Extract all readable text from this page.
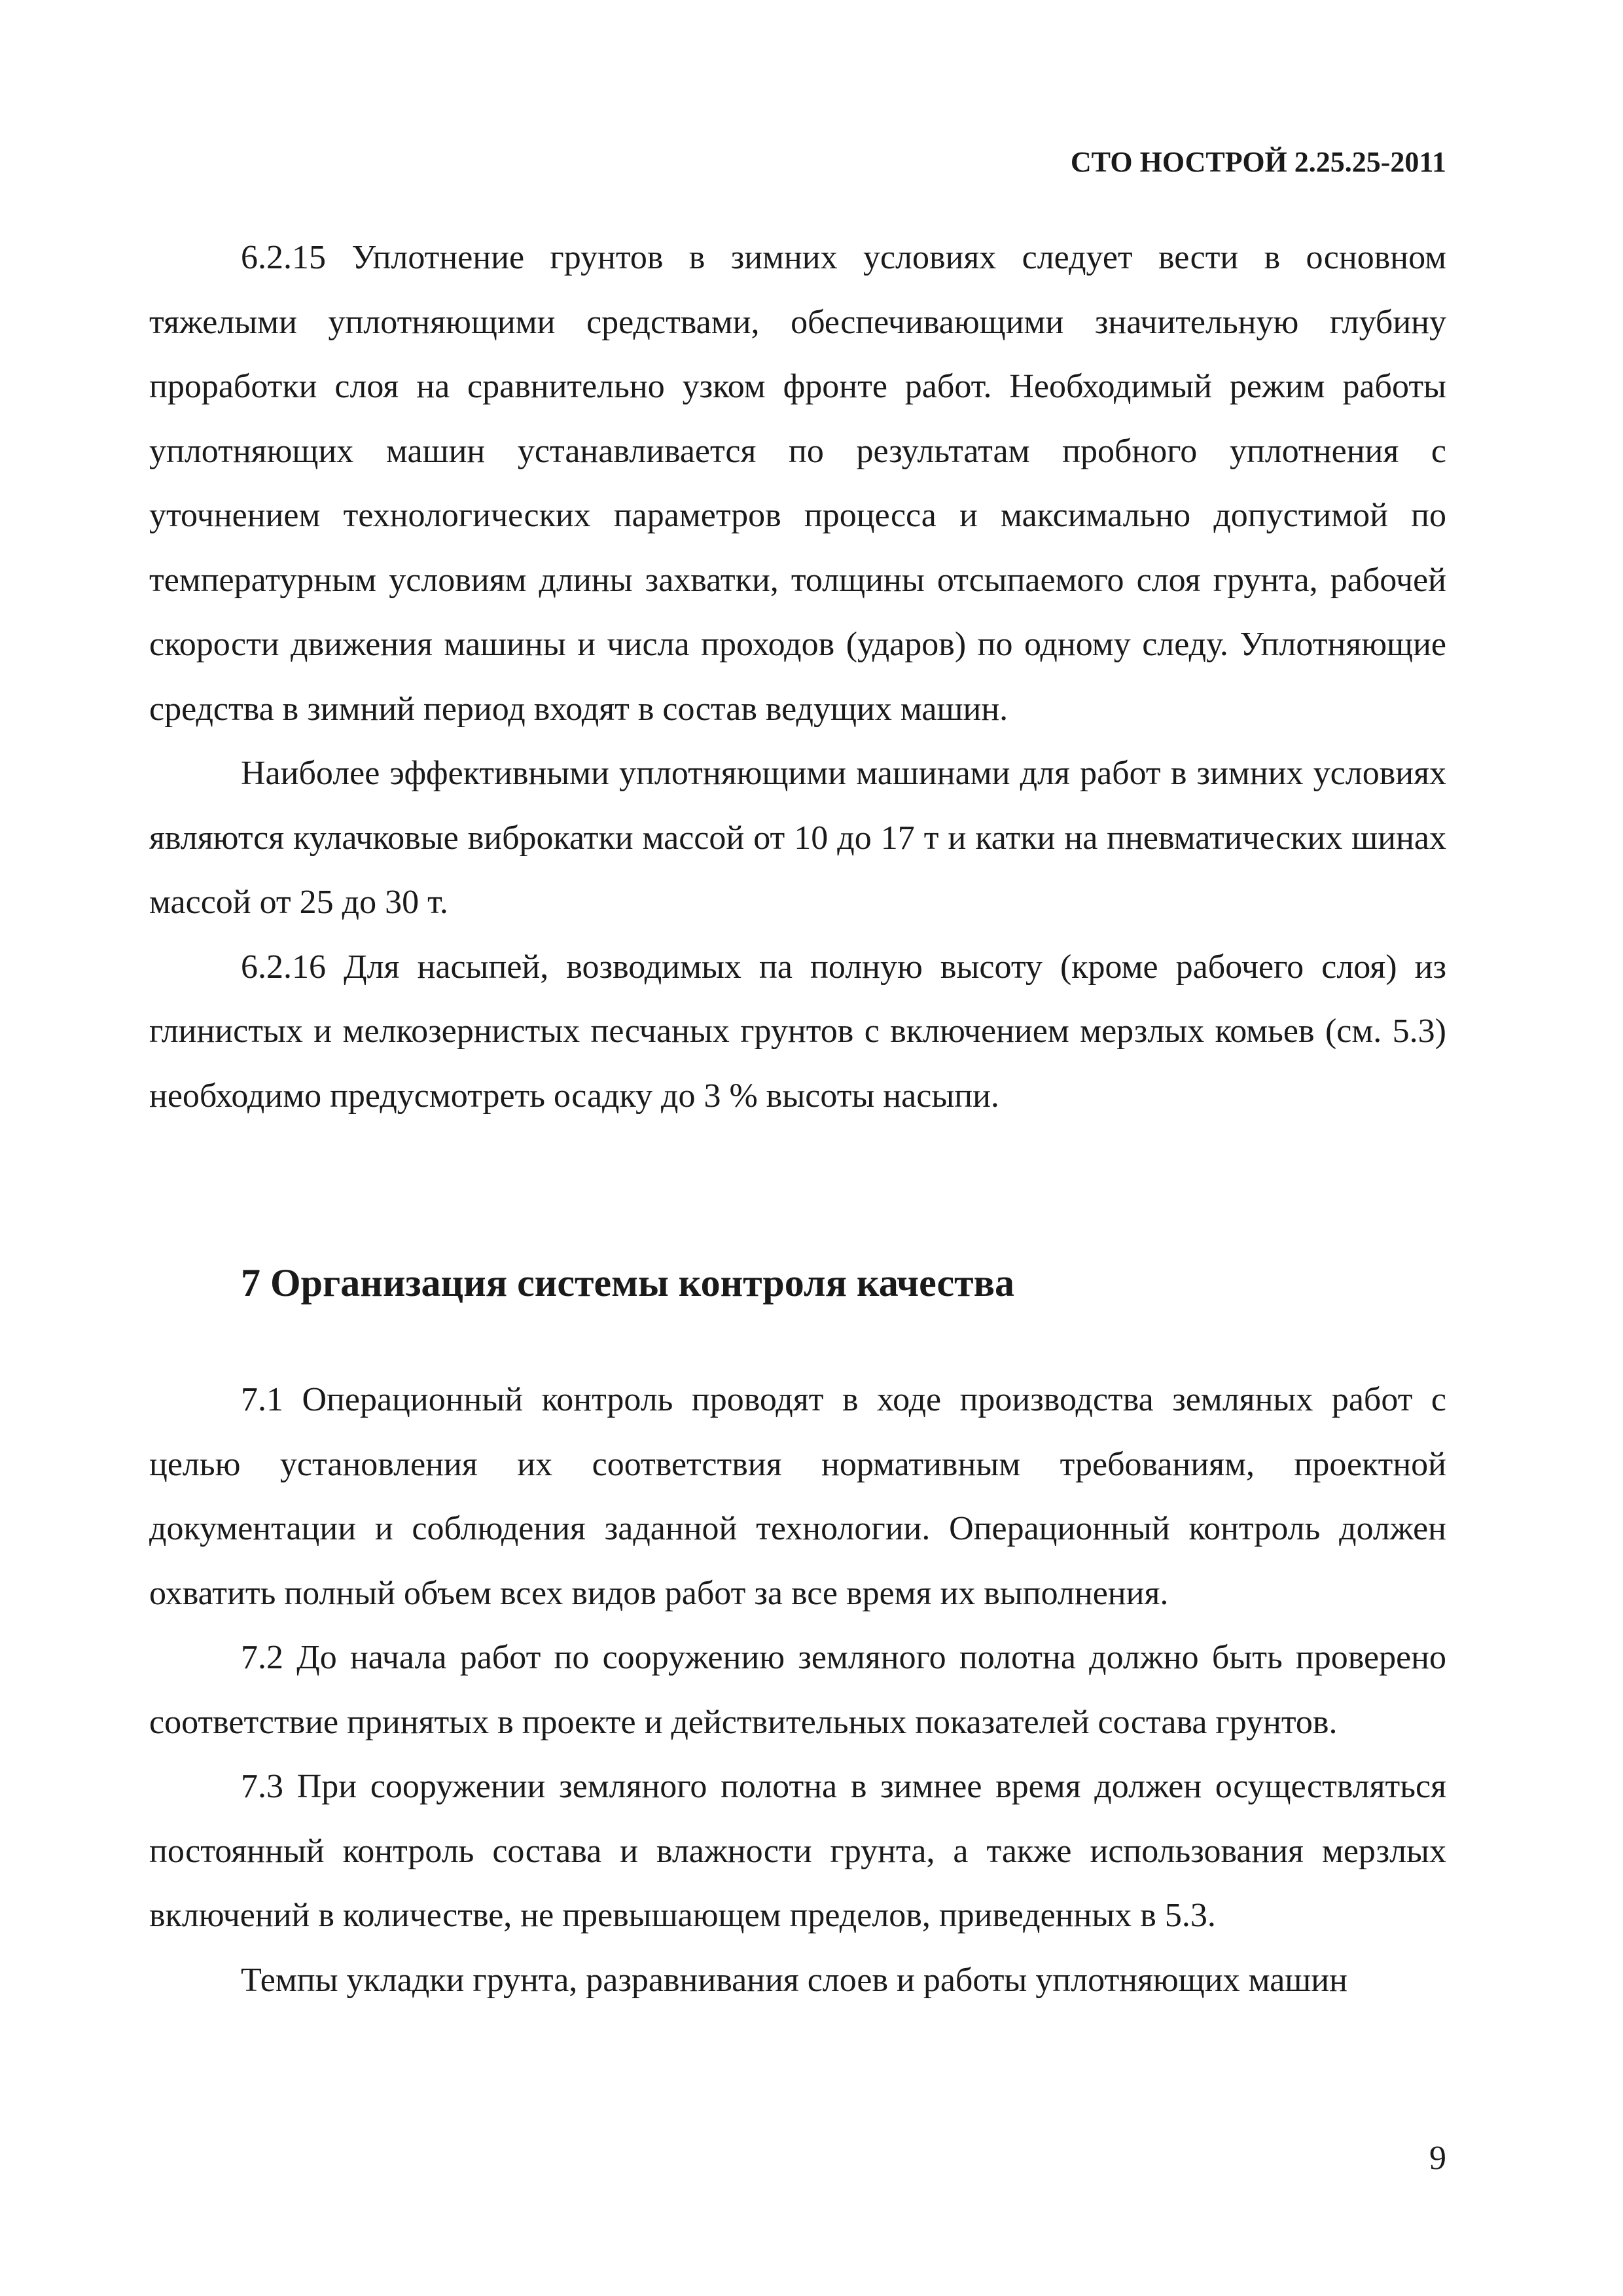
СТО НОСТРОЙ 2.25.25-2011

6.2.15 Уплотнение грунтов в зимних условиях следует вести в основном тяжелыми уплотняющими средствами, обеспечивающими значительную глубину проработки слоя на сравнительно узком фронте работ. Необходимый режим работы уплотняющих машин устанавливается по результатам пробного уплотнения с уточнением технологических параметров процесса и максимально допустимой по температурным условиям длины захватки, толщины отсыпаемого слоя грунта, рабочей скорости движения машины и числа проходов (ударов) по одному следу. Уплотняющие средства в зимний период входят в состав ведущих машин.

Наиболее эффективными уплотняющими машинами для работ в зимних условиях являются кулачковые виброкатки массой от 10 до 17 т и катки на пневматических шинах массой от 25 до 30 т.

6.2.16 Для насыпей, возводимых па полную высоту (кроме рабочего слоя) из глинистых и мелкозернистых песчаных грунтов с включением мерзлых комьев (см. 5.3) необходимо предусмотреть осадку до 3 % высоты насыпи.

7 Организация системы контроля качества

7.1 Операционный контроль проводят в ходе производства земляных работ с целью установления их соответствия нормативным требованиям, проектной документации и соблюдения заданной технологии. Операционный контроль должен охватить полный объем всех видов работ за все время их выполнения.

7.2 До начала работ по сооружению земляного полотна должно быть проверено соответствие принятых в проекте и действительных показателей состава грунтов.

7.3 При сооружении земляного полотна в зимнее время должен осуществляться постоянный контроль состава и влажности грунта, а также использования мерзлых включений в количестве, не превышающем пределов, приведенных в 5.3.

Темпы укладки грунта, разравнивания слоев и работы уплотняющих машин

9
